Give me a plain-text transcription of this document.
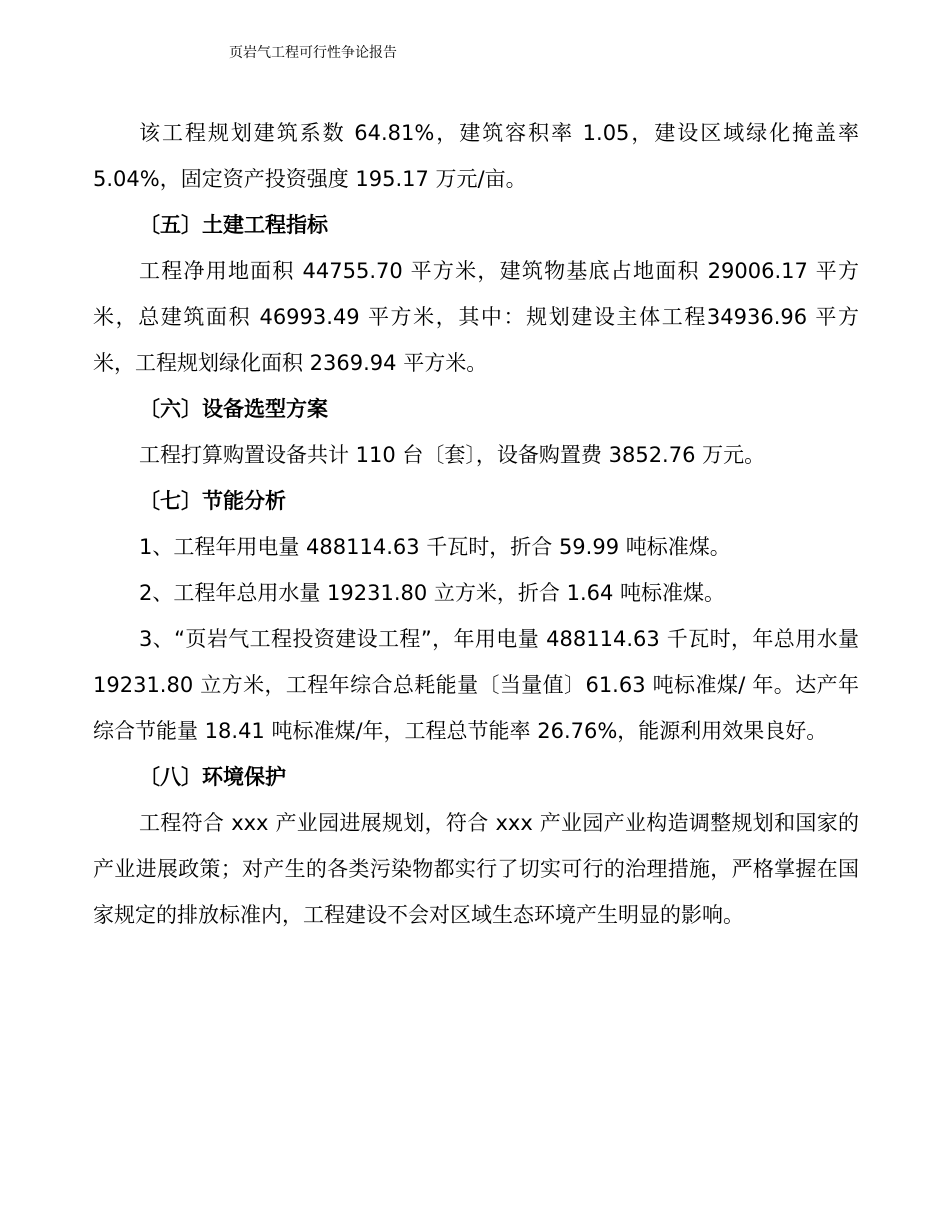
页岩气工程可行性争论报告

该工程规划建筑系数 64.81%，建筑容积率 1.05，建设区域绿化掩盖率5.04%，固定资产投资强度 195.17 万元/亩。

〔五〕土建工程指标

工程净用地面积 44755.70 平方米，建筑物基底占地面积 29006.17 平方米，总建筑面积 46993.49 平方米，其中：规划建设主体工程34936.96 平方米，工程规划绿化面积 2369.94 平方米。

〔六〕设备选型方案

工程打算购置设备共计 110 台〔套〕，设备购置费 3852.76 万元。

〔七〕节能分析

1、工程年用电量 488114.63 千瓦时，折合 59.99 吨标准煤。

2、工程年总用水量 19231.80 立方米，折合 1.64 吨标准煤。

3、“页岩气工程投资建设工程”，年用电量 488114.63 千瓦时，年总用水量 19231.80 立方米，工程年综合总耗能量〔当量值〕61.63 吨标准煤/ 年。达产年综合节能量 18.41 吨标准煤/年，工程总节能率 26.76%，能源利用效果良好。

〔八〕环境保护

工程符合 xxx 产业园进展规划，符合 xxx 产业园产业构造调整规划和国家的产业进展政策；对产生的各类污染物都实行了切实可行的治理措施，严格掌握在国家规定的排放标准内，工程建设不会对区域生态环境产生明显的影响。
